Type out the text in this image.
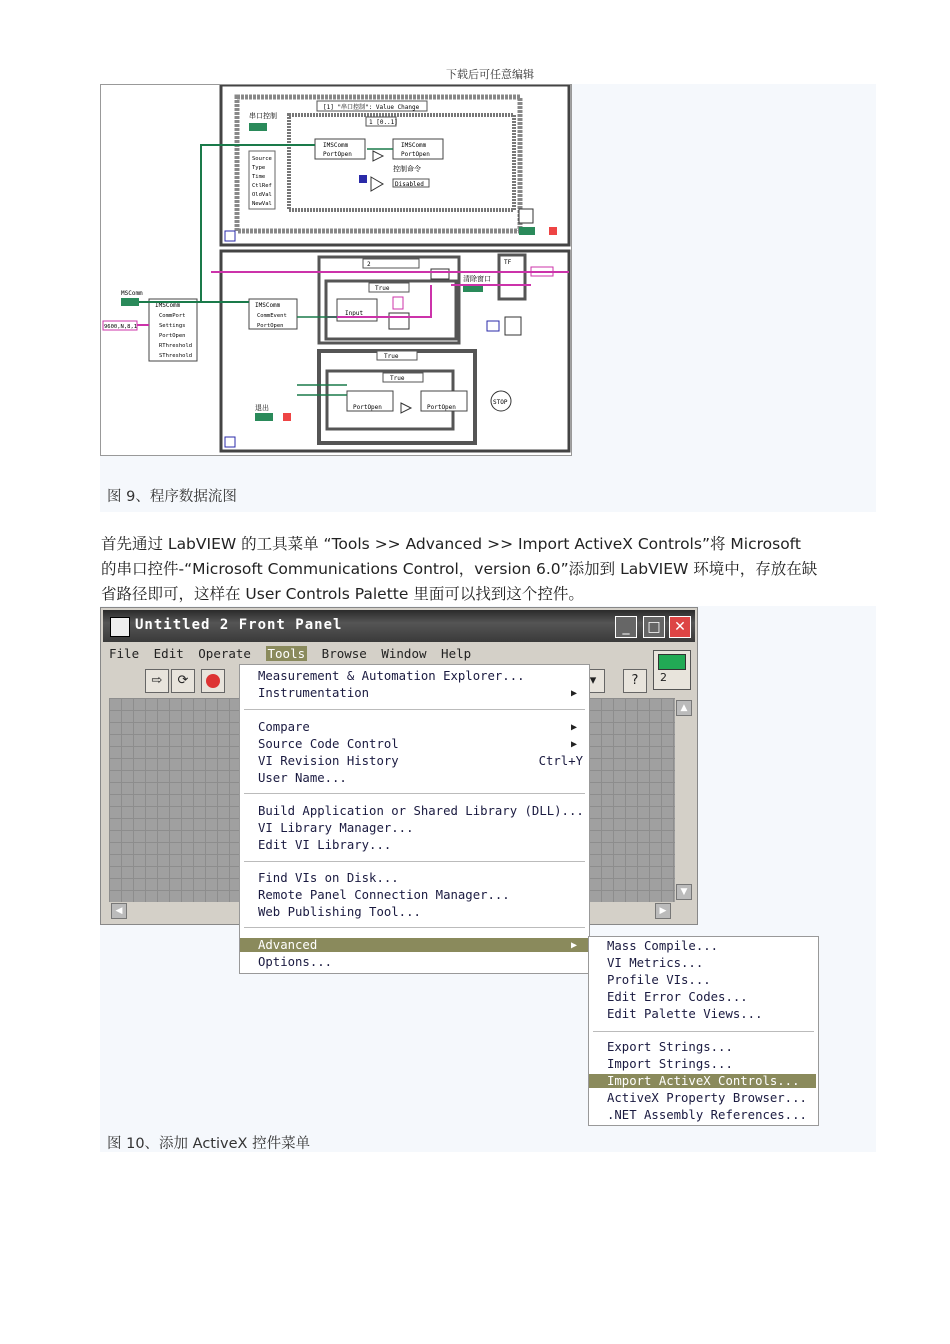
下载后可任意编辑
[1] "串口控制": Value Change
1 [0..1]
串口控制
Source
Type
Time
CtlRef
OldVal
NewVal
IMSComm	IMSComm
PortOpen	PortOpen
控制命令
Disabled
2
True
Input
清除窗口
TF
True
True
PortOpen	PortOpen
STOP
退出
MSComm
9600,N,8,1
IMSComm
CommPort
Settings
PortOpen
RThreshold
SThreshold
IMSComm
CommEvent
PortOpen
图 9、程序数据流图
首先通过 LabVIEW 的工具菜单 “Tools >> Advanced >> Import ActiveX Controls”将 Microsoft
的串口控件-“Microsoft Communications Control，version 6.0”添加到 LabVIEW 环境中，存放在缺
省路径即可，这样在 User Controls Palette 里面可以找到这个控件。
Untitled 2 Front Panel	_	□ ✕
File Edit Operate Tools Browse Window Help
⇨	⟳	▾	?	2
▲
▼
◀	▶
Measurement & Automation Explorer...
Instrumentation	▶
Compare	▶
Source Code Control	▶
VI Revision History	Ctrl+Y
User Name...
Build Application or Shared Library (DLL)...
VI Library Manager...
Edit VI Library...
Find VIs on Disk...
Remote Panel Connection Manager...
Web Publishing Tool...
Advanced	▶
Options...
Mass Compile...
VI Metrics...
Profile VIs...
Edit Error Codes...
Edit Palette Views...
Export Strings...
Import Strings...
Import ActiveX Controls...
ActiveX Property Browser...
.NET Assembly References...
图 10、添加 ActiveX 控件菜单
